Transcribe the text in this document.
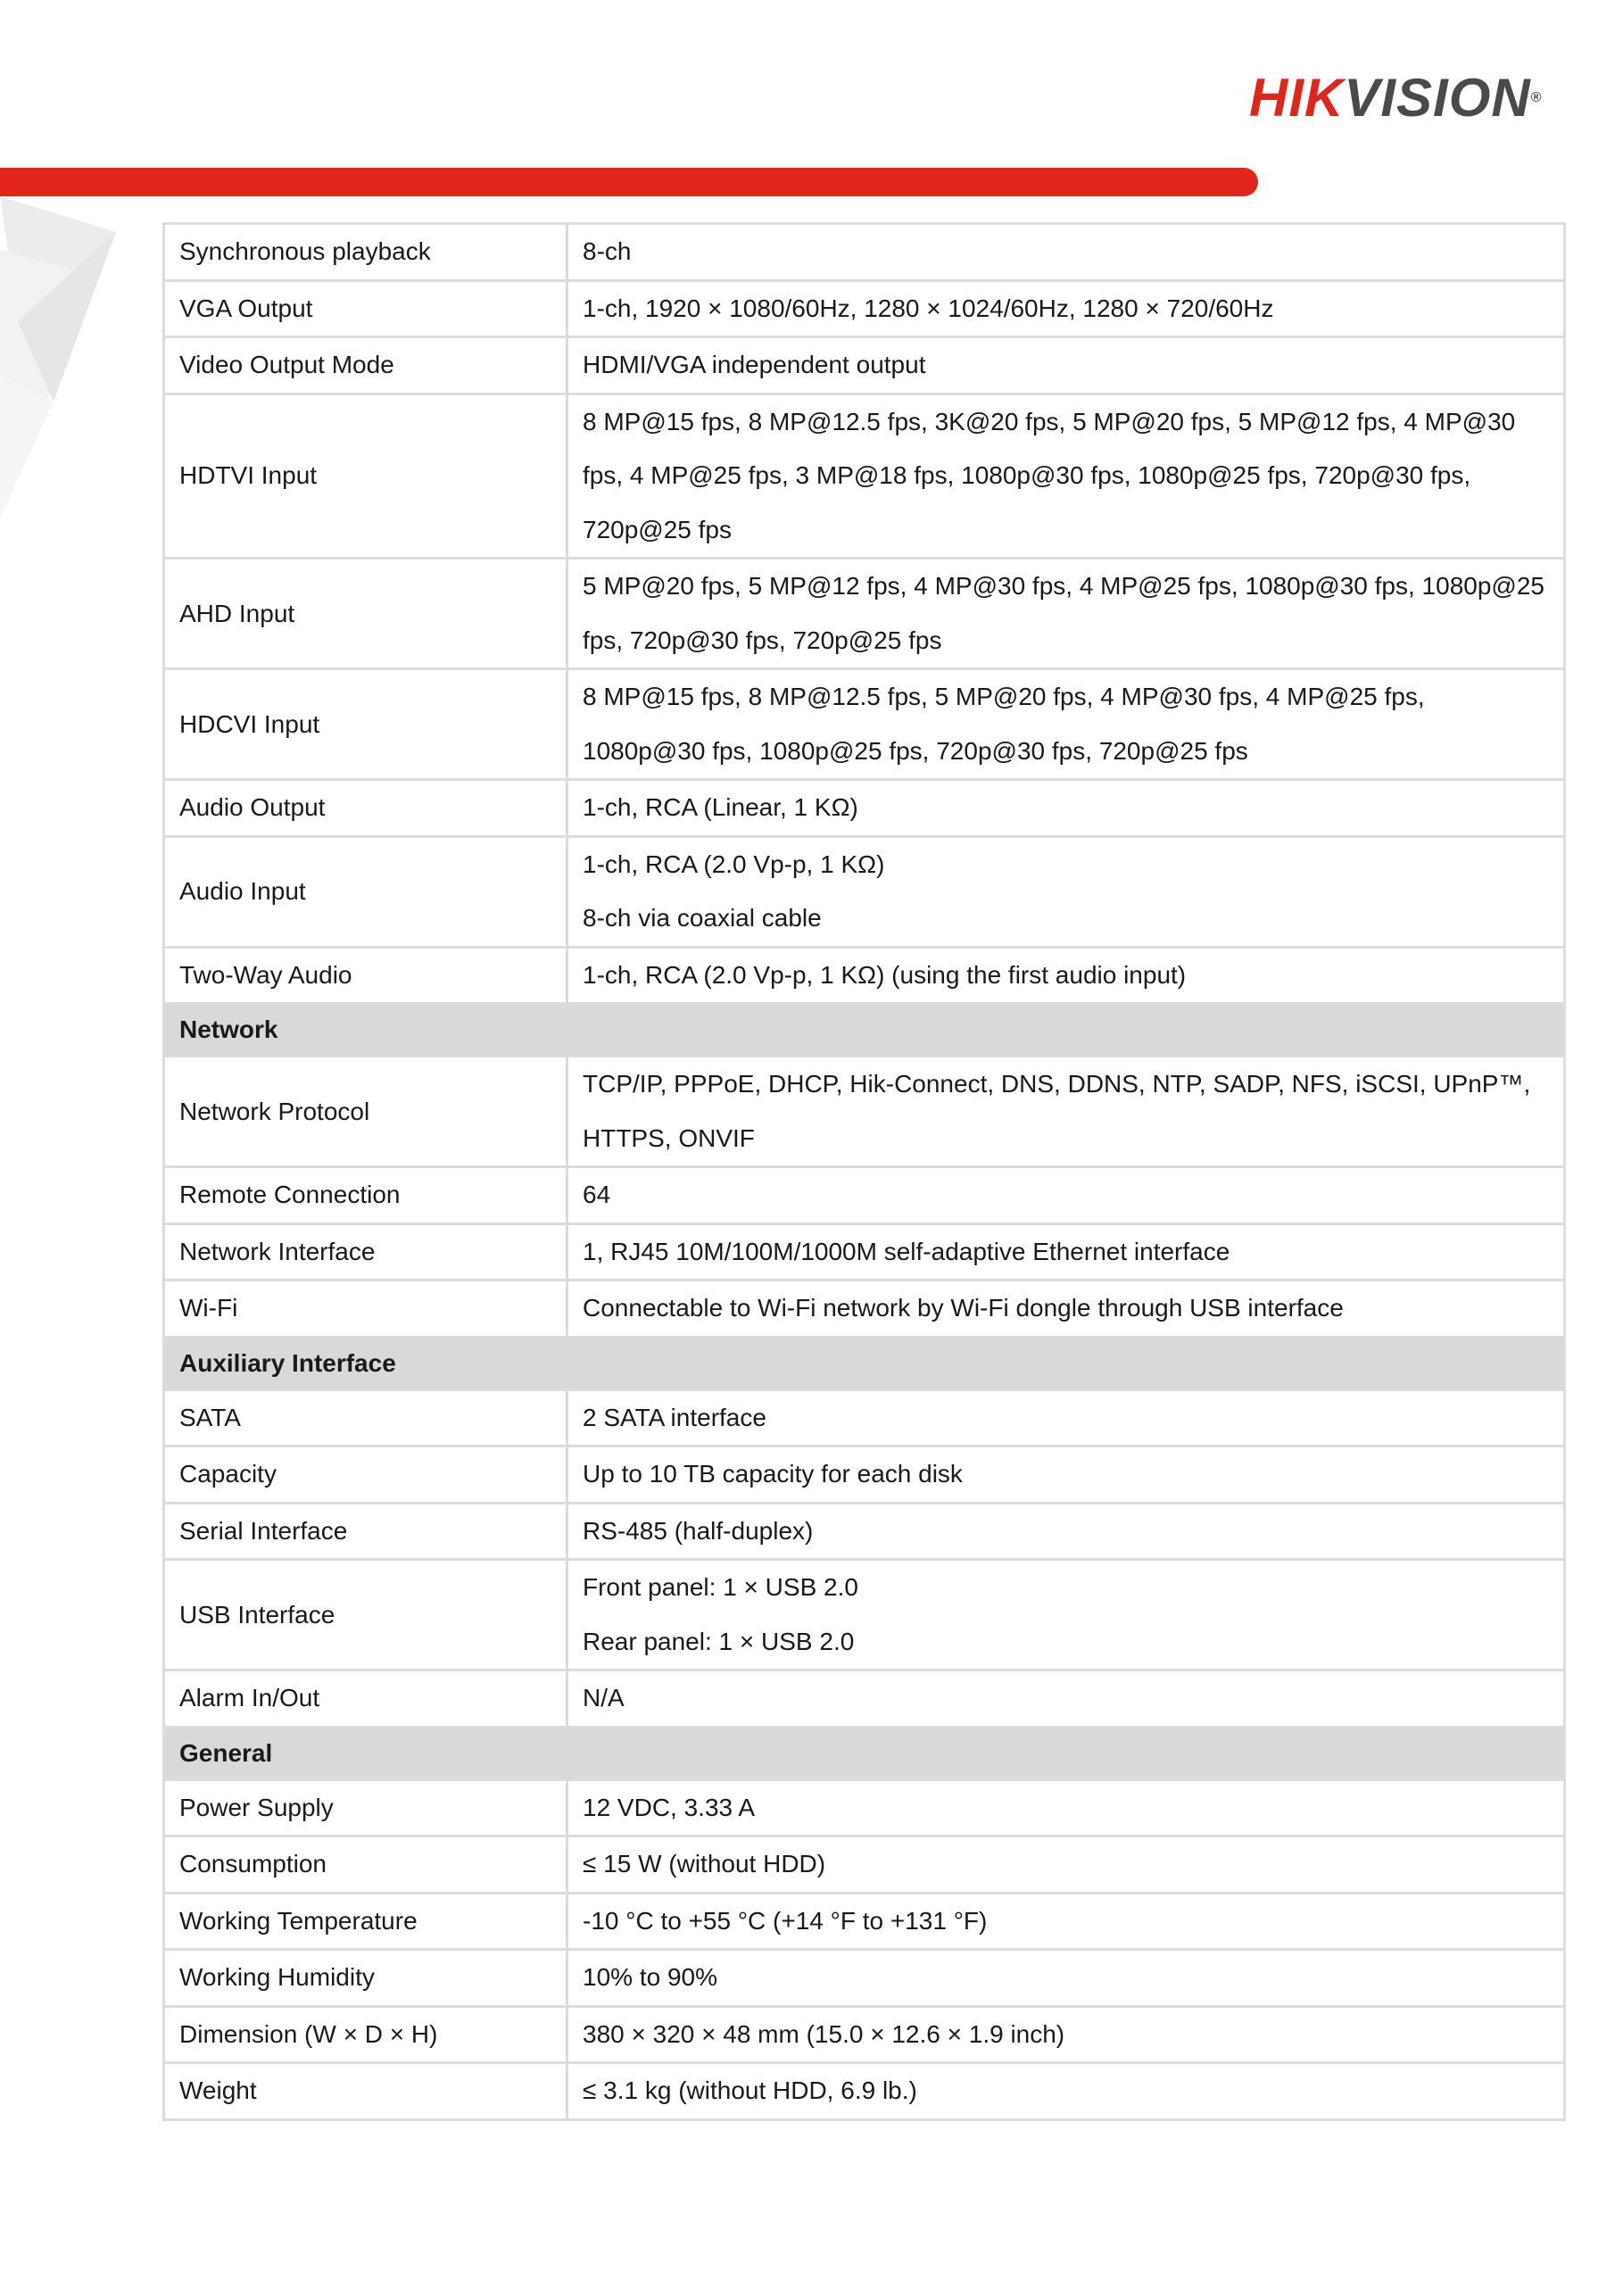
HIKVISION®
Synchronous playback	8-ch

VGA Output	1-ch, 1920 × 1080/60Hz, 1280 × 1024/60Hz, 1280 × 720/60Hz

Video Output Mode	HDMI/VGA independent output

HDTVI Input	8 MP@15 fps, 8 MP@12.5 fps, 3K@20 fps, 5 MP@20 fps, 5 MP@12 fps, 4 MP@30 fps, 4 MP@25 fps, 3 MP@18 fps, 1080p@30 fps, 1080p@25 fps, 720p@30 fps, 720p@25 fps

AHD Input	5 MP@20 fps, 5 MP@12 fps, 4 MP@30 fps, 4 MP@25 fps, 1080p@30 fps, 1080p@25 fps, 720p@30 fps, 720p@25 fps

HDCVI Input	8 MP@15 fps, 8 MP@12.5 fps, 5 MP@20 fps, 4 MP@30 fps, 4 MP@25 fps, 1080p@30 fps, 1080p@25 fps, 720p@30 fps, 720p@25 fps

Audio Output	1-ch, RCA (Linear, 1 KΩ)

Audio Input	1-ch, RCA (2.0 Vp-p, 1 KΩ)
8-ch via coaxial cable

Two-Way Audio	1-ch, RCA (2.0 Vp-p, 1 KΩ) (using the first audio input)

Network	
Network Protocol	TCP/IP, PPPoE, DHCP, Hik-Connect, DNS, DDNS, NTP, SADP, NFS, iSCSI, UPnP™, HTTPS, ONVIF

Remote Connection	64

Network Interface	1, RJ45 10M/100M/1000M self-adaptive Ethernet interface

Wi-Fi	Connectable to Wi-Fi network by Wi-Fi dongle through USB interface

Auxiliary Interface	
SATA	2 SATA interface

Capacity	Up to 10 TB capacity for each disk

Serial Interface	RS-485 (half-duplex)

USB Interface	Front panel: 1 × USB 2.0
Rear panel: 1 × USB 2.0

Alarm In/Out	N/A

General	
Power Supply	12 VDC, 3.33 A

Consumption	≤ 15 W (without HDD)

Working Temperature	-10 °C to +55 °C (+14 °F to +131 °F)

Working Humidity	10% to 90%

Dimension (W × D × H)	380 × 320 × 48 mm (15.0 × 12.6 × 1.9 inch)

Weight	≤ 3.1 kg (without HDD, 6.9 lb.)
